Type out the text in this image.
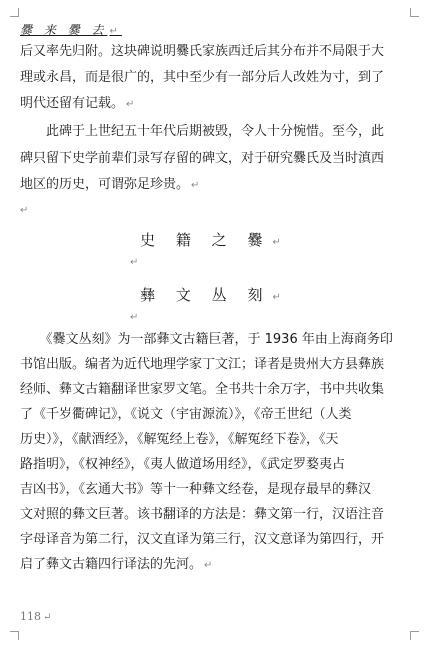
爨 来 爨 去 ↵
后又率先归附。这块碑说明爨氏家族西迁后其分布并不局限于大
理或永昌，而是很广的，其中至少有一部分后人改姓为寸，到了
明代还留有记载。 ↵
　　此碑于上世纪五十年代后期被毁，令人十分惋惜。至今，此
碑只留下史学前辈们录写存留的碑文，对于研究爨氏及当时滇西
地区的历史，可谓弥足珍贵。 ↵
↵
史 籍 之 爨 ↵
↵
彝 文 丛 刻 ↵
↵
　　《爨文丛刻》为一部彝文古籍巨著，于 1936 年由上海商务印
书馆出版。编者为近代地理学家丁文江；译者是贵州大方县彝族
经师、彝文古籍翻译世家罗文笔。全书共十余万字，书中共收集
了《千岁衢碑记》，《说文（宇宙源流）》，《帝王世纪（人类
历史）》，《献酒经》，《解冤经上卷》，《解冤经下卷》，《天
路指明》，《权神经》，《夷人做道场用经》，《武定罗婺夷占
吉凶书》，《玄通大书》等十一种彝文经卷，是现存最早的彝汉
文对照的彝文巨著。该书翻译的方法是：彝文第一行，汉语注音
字母译音为第二行，汉文直译为第三行，汉文意译为第四行，开
启了彝文古籍四行译法的先河。 ↵
118 ↵
